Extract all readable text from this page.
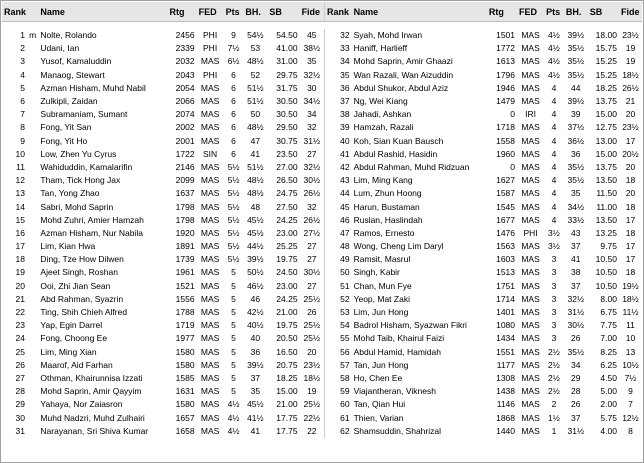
Rank		Name	Rtg	FED	Pts	BH.	SB	Fide	Rank	Name	Rtg	FED	Pts	BH.	SB	Fide

1	m	Nolte, Rolando	2456	PHI	9	54½	54.50	45	32	Syah, Mohd Irwan	1501	MAS	4½	39½	18.00	23½
2		Udani, Ian	2339	PHI	7½	53	41.00	38½	33	Haniff, Harlieff	1772	MAS	4½	35½	15.75	19
3		Yusof, Kamaluddin	2032	MAS	6½	48½	31.00	35	34	Mohd Saprin, Amir Ghaazi	1613	MAS	4½	35½	15.25	19
4		Manaog, Stewart	2043	PHI	6	52	29.75	32½	35	Wan Razali, Wan Aizuddin	1796	MAS	4½	35½	15.25	18½
5		Azman Hisham, Muhd Nabil	2054	MAS	6	51½	31.75	30	36	Abdul Shukor, Abdul Aziz	1946	MAS	4	44	18.25	26½
6		Zulkipli, Zaidan	2066	MAS	6	51½	30.50	34½	37	Ng, Wei Kiang	1479	MAS	4	39½	13.75	21
7		Subramaniam, Sumant	2074	MAS	6	50	30.50	34	38	Jahadi, Ashkan	0	IRI	4	39	15.00	20
8		Fong, Yit San	2002	MAS	6	48½	29.50	32	39	Hamzah, Razali	1718	MAS	4	37½	12.75	23½
9		Fong, Yit Ho	2001	MAS	6	47	30.75	31½	40	Koh, Sian Kuan Bausch	1558	MAS	4	36½	13.00	17
10		Low, Zhen Yu Cyrus	1722	SIN	6	41	23.50	27	41	Abdul Rashid, Hasidin	1960	MAS	4	36	15.00	20½
11		Wahiduddin, Kamalarifin	2146	MAS	5½	51½	27.00	32½	42	Abdul Rahman, Muhd Ridzuan	0	MAS	4	35½	13.75	20
12		Tham, Tick Hong Jax	2099	MAS	5½	48½	26.50	30½	43	Lim, Ming Kang	1627	MAS	4	35½	13.50	18
13		Tan, Yong Zhao	1637	MAS	5½	48½	24.75	26½	44	Lum, Zhun Hoong	1587	MAS	4	35	11.50	20
14		Sabri, Mohd Saprin	1798	MAS	5½	48	27.50	32	45	Harun, Bustaman	1545	MAS	4	34½	11.00	18
15		Mohd Zuhri, Amier Hamzah	1798	MAS	5½	45½	24.25	26½	46	Ruslan, Haslindah	1677	MAS	4	33½	13.50	17
16		Azman Hisham, Nur Nabila	1920	MAS	5½	45½	23.00	27½	47	Ramos, Ernesto	1476	PHI	3½	43	13.25	18
17		Lim, Kian Hwa	1891	MAS	5½	44½	25.25	27	48	Wong, Cheng Lim Daryl	1563	MAS	3½	37	9.75	17
18		Ding, Tze How Dilwen	1739	MAS	5½	39½	19.75	27	49	Ramsit, Masrul	1603	MAS	3	41	10.50	17
19		Ajeet Singh, Roshan	1961	MAS	5	50½	24.50	30½	50	Singh, Kabir	1513	MAS	3	38	10.50	18
20		Ooi, Zhi Jian Sean	1521	MAS	5	46½	23.00	27	51	Chan, Mun Fye	1751	MAS	3	37	10.50	19½
21		Abd Rahman, Syazrin	1556	MAS	5	46	24.25	25½	52	Yeop, Mat Zaki	1714	MAS	3	32½	8.00	18½
22		Ting, Shih Chieh Alfred	1788	MAS	5	42½	21.00	26	53	Lim, Jun Hong	1401	MAS	3	31½	6.75	11½
23		Yap, Egin Darrel	1719	MAS	5	40½	19.75	25½	54	Badrol Hisham, Syazwan Fikri	1080	MAS	3	30½	7.75	11
24		Fong, Choong Ee	1977	MAS	5	40	20.50	25½	55	Mohd Taib, Khairul Faizi	1434	MAS	3	26	7.00	10
25		Lim, Ming Xian	1580	MAS	5	36	16.50	20	56	Abdul Hamid, Hamidah	1551	MAS	2½	35½	8.25	13
26		Maarof, Aid Farhan	1580	MAS	5	39½	20.75	23½	57	Tan, Jun Hong	1177	MAS	2½	34	6.25	10½
27		Othman, Khairunnisa Izzati	1585	MAS	5	37	18.25	18½	58	Ho, Chen Ee	1308	MAS	2½	29	4.50	7½
28		Mohd Saprin, Amir Qayyim	1631	MAS	5	35	15.00	19	59	Viajantheran, Viknesh	1438	MAS	2½	28	5.00	9
29		Yahaya, Nor Zaiasron	1580	MAS	4½	45½	21.00	25½	60	Tan, Qian Hui	1146	MAS	2	26	2.00	7
30		Muhd Nadzri, Muhd Zulhairi	1657	MAS	4½	41½	17.75	22½	61	Thien, Varian	1868	MAS	1½	37	5.75	12½
31		Narayanan, Sri Shiva Kumar	1658	MAS	4½	41	17.75	22	62	Shamsuddin, Shahrizal	1440	MAS	1	31½	4.00	8
